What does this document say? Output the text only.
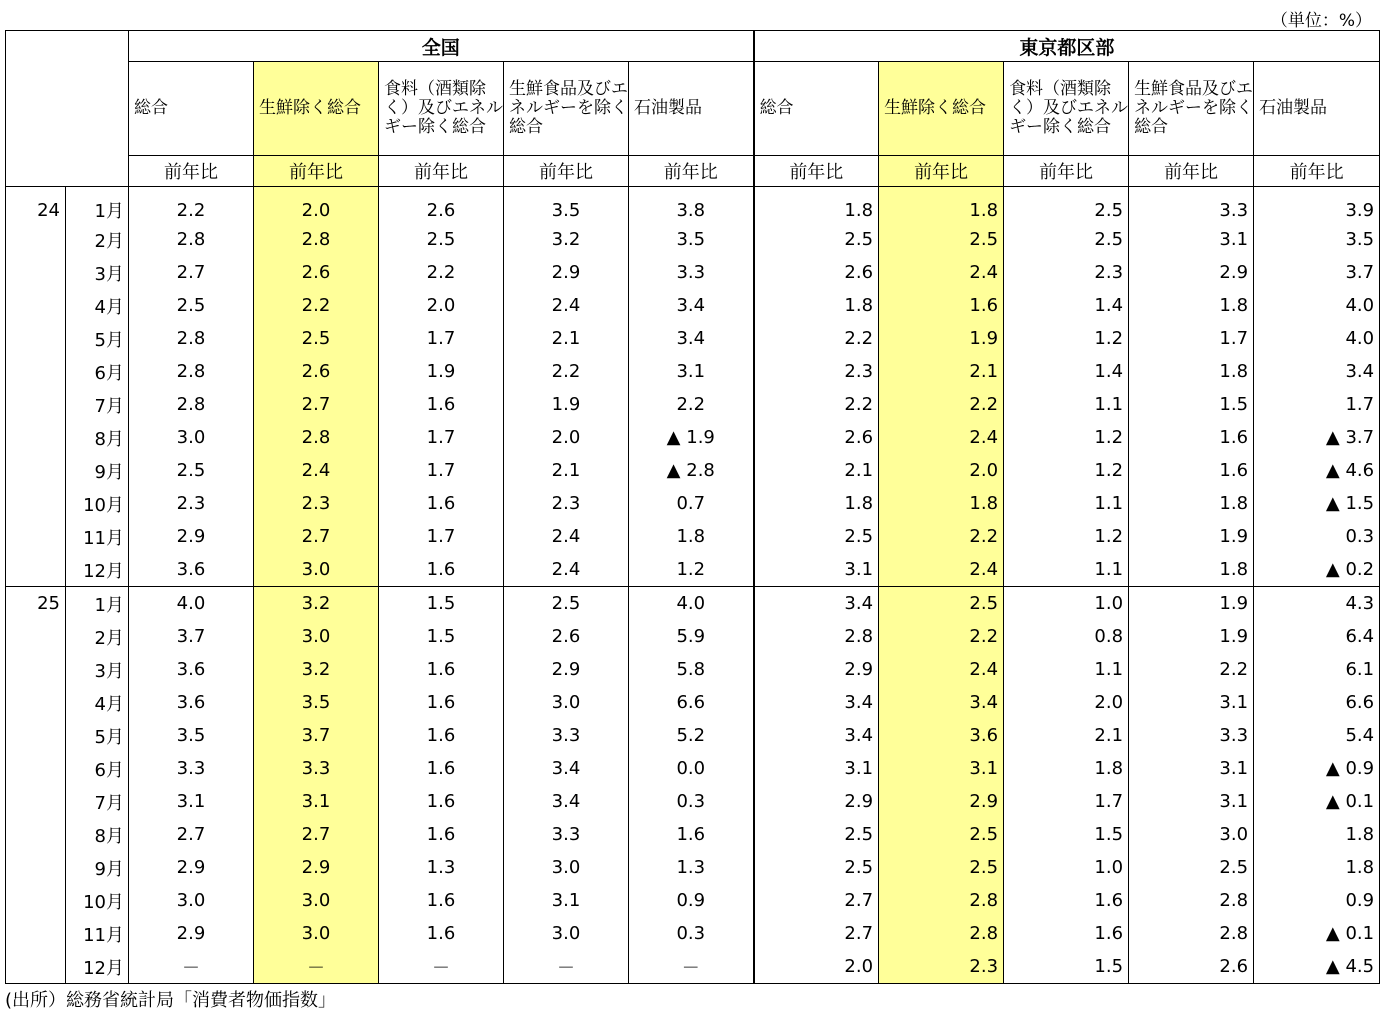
（単位：%）
		全国					東京都区部				
		総合	生鮮除く総合	食料（酒類除く）及びエネルギー除く総合	生鮮食品及びエネルギーを除く総合	石油製品	総合	生鮮除く総合	食料（酒類除く）及びエネルギー除く総合	生鮮食品及びエネルギーを除く総合	石油製品
		前年比	前年比	前年比	前年比	前年比	前年比	前年比	前年比	前年比	前年比
24	1月	2.2	2.0	2.6	3.5	3.8	1.8	1.8	2.5	3.3	3.9
	2月	2.8	2.8	2.5	3.2	3.5	2.5	2.5	2.5	3.1	3.5
	3月	2.7	2.6	2.2	2.9	3.3	2.6	2.4	2.3	2.9	3.7
	4月	2.5	2.2	2.0	2.4	3.4	1.8	1.6	1.4	1.8	4.0
	5月	2.8	2.5	1.7	2.1	3.4	2.2	1.9	1.2	1.7	4.0
	6月	2.8	2.6	1.9	2.2	3.1	2.3	2.1	1.4	1.8	3.4
	7月	2.8	2.7	1.6	1.9	2.2	2.2	2.2	1.1	1.5	1.7
	8月	3.0	2.8	1.7	2.0	▲ 1.9	2.6	2.4	1.2	1.6	▲ 3.7
	9月	2.5	2.4	1.7	2.1	▲ 2.8	2.1	2.0	1.2	1.6	▲ 4.6
	10月	2.3	2.3	1.6	2.3	0.7	1.8	1.8	1.1	1.8	▲ 1.5
	11月	2.9	2.7	1.7	2.4	1.8	2.5	2.2	1.2	1.9	0.3
	12月	3.6	3.0	1.6	2.4	1.2	3.1	2.4	1.1	1.8	▲ 0.2
25	1月	4.0	3.2	1.5	2.5	4.0	3.4	2.5	1.0	1.9	4.3
	2月	3.7	3.0	1.5	2.6	5.9	2.8	2.2	0.8	1.9	6.4
	3月	3.6	3.2	1.6	2.9	5.8	2.9	2.4	1.1	2.2	6.1
	4月	3.6	3.5	1.6	3.0	6.6	3.4	3.4	2.0	3.1	6.6
	5月	3.5	3.7	1.6	3.3	5.2	3.4	3.6	2.1	3.3	5.4
	6月	3.3	3.3	1.6	3.4	0.0	3.1	3.1	1.8	3.1	▲ 0.9
	7月	3.1	3.1	1.6	3.4	0.3	2.9	2.9	1.7	3.1	▲ 0.1
	8月	2.7	2.7	1.6	3.3	1.6	2.5	2.5	1.5	3.0	1.8
	9月	2.9	2.9	1.3	3.0	1.3	2.5	2.5	1.0	2.5	1.8
	10月	3.0	3.0	1.6	3.1	0.9	2.7	2.8	1.6	2.8	0.9
	11月	2.9	3.0	1.6	3.0	0.3	2.7	2.8	1.6	2.8	▲ 0.1
	12月	－	－	－	－	－	2.0	2.3	1.5	2.6	▲ 4.5
(出所）総務省統計局「消費者物価指数」
